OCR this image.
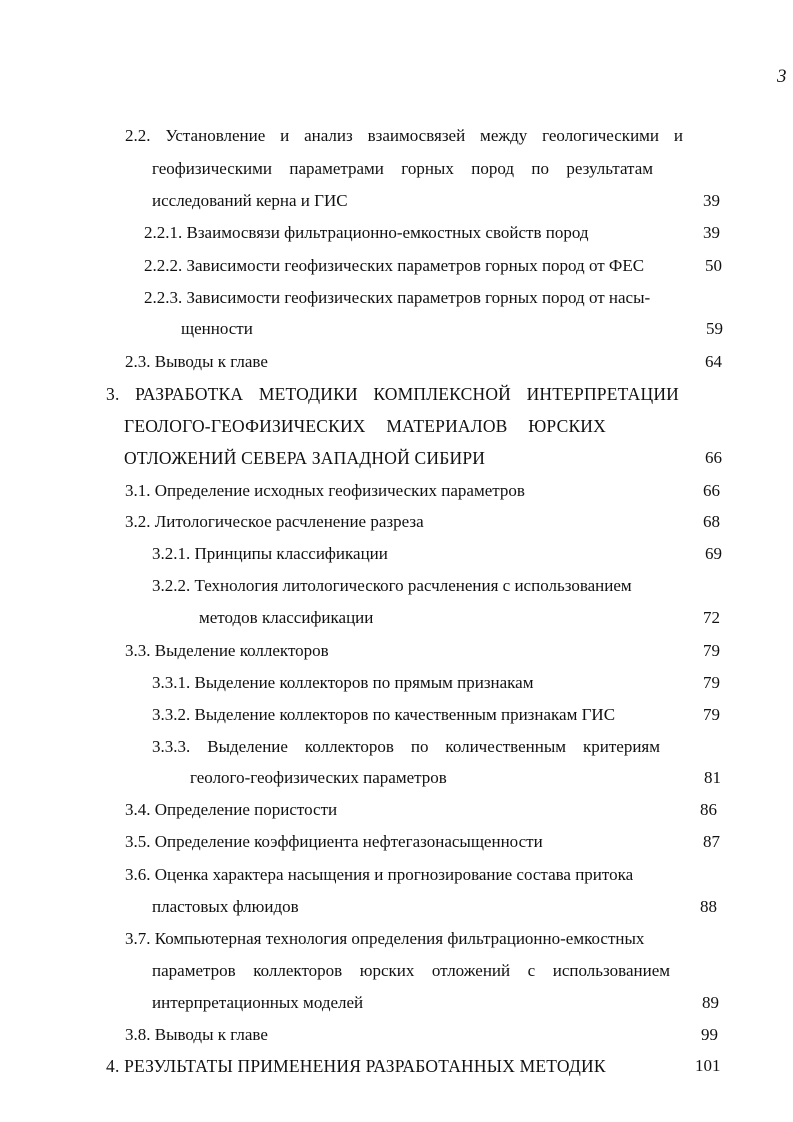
3
2.2. Установление и анализ взаимосвязей между геологическими и
геофизическими параметрами горных пород по результатам
исследований керна и ГИС	39
2.2.1. Взаимосвязи фильтрационно-емкостных свойств пород	39
2.2.2. Зависимости геофизических параметров горных пород от ФЕС	50
2.2.3. Зависимости геофизических параметров горных пород от насы-
щенности	59
2.3. Выводы к главе	64
3. РАЗРАБОТКА МЕТОДИКИ КОМПЛЕКСНОЙ ИНТЕРПРЕТАЦИИ
ГЕОЛОГО-ГЕОФИЗИЧЕСКИХ МАТЕРИАЛОВ ЮРСКИХ
ОТЛОЖЕНИЙ СЕВЕРА ЗАПАДНОЙ СИБИРИ	66
3.1. Определение исходных геофизических параметров	66
3.2. Литологическое расчленение разреза	68
3.2.1. Принципы классификации	69
3.2.2. Технология литологического расчленения с использованием
методов классификации	72
3.3. Выделение коллекторов	79
3.3.1. Выделение коллекторов по прямым признакам	79
3.3.2. Выделение коллекторов по качественным признакам ГИС	79
3.3.3. Выделение коллекторов по количественным критериям
геолого-геофизических параметров	81
3.4. Определение пористости	86
3.5. Определение коэффициента нефтегазонасыщенности	87
3.6. Оценка характера насыщения и прогнозирование состава притока
пластовых флюидов	88
3.7. Компьютерная технология определения фильтрационно-емкостных
параметров коллекторов юрских отложений с использованием
интерпретационных моделей	89
3.8. Выводы к главе	99
4. РЕЗУЛЬТАТЫ ПРИМЕНЕНИЯ РАЗРАБОТАННЫХ МЕТОДИК	101
